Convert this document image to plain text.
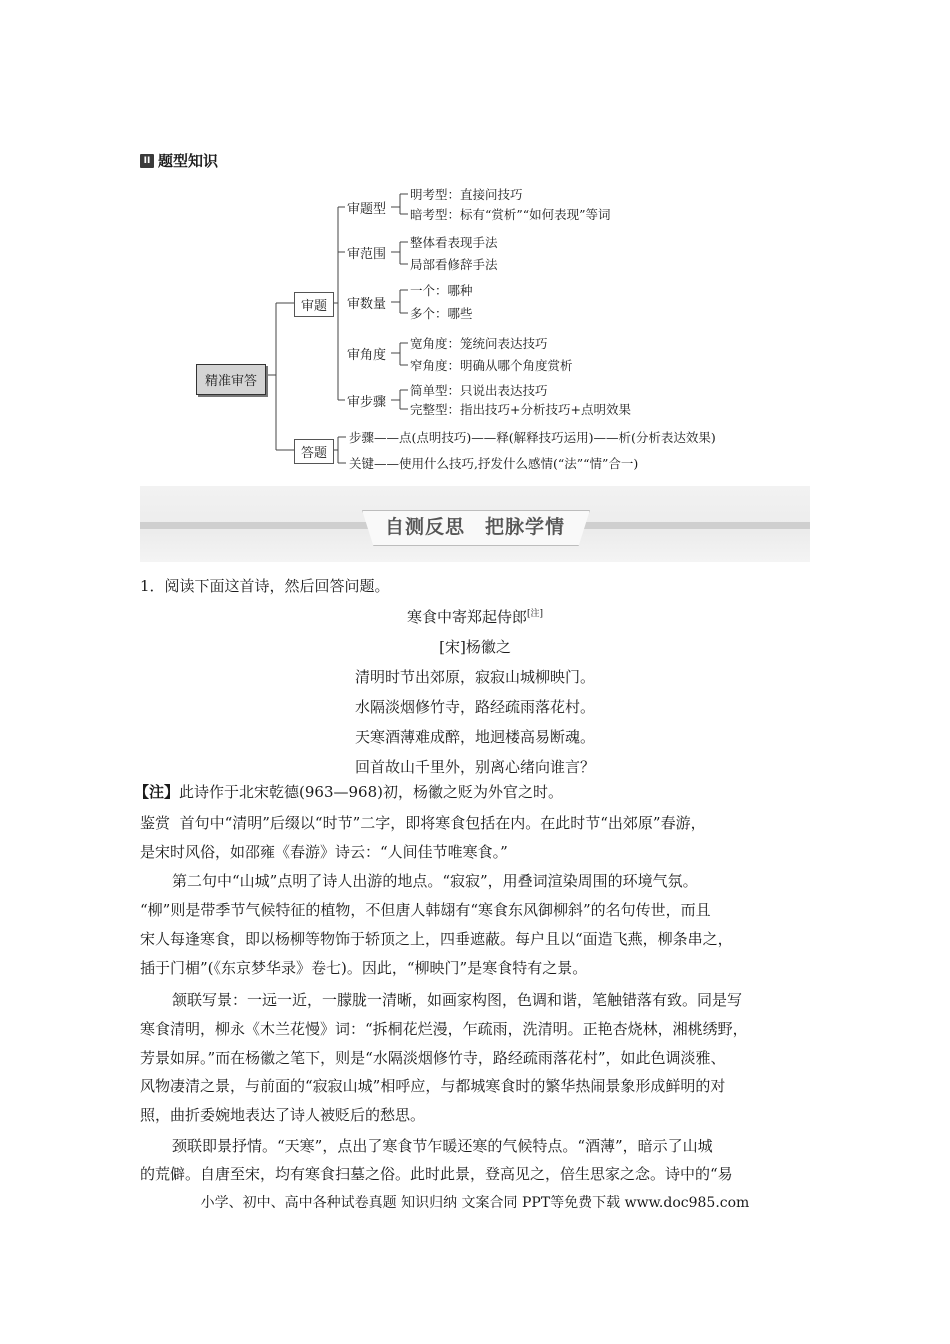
II 题型知识
精准审答
审题
答题
审题型
明考型：直接问技巧
暗考型：标有“赏析”“如何表现”等词
审范围
整体看表现手法
局部看修辞手法
审数量
一个：哪种
多个：哪些
审角度
宽角度：笼统问表达技巧
窄角度：明确从哪个角度赏析
审步骤
简单型：只说出表达技巧
完整型：指出技巧+分析技巧+点明效果
步骤——点(点明技巧)——释(解释技巧运用)——析(分析表达效果)
关键——使用什么技巧,抒发什么感情(“法”“情”合一)
自测反思　把脉学情
1．阅读下面这首诗，然后回答问题。
寒食中寄郑起侍郎[注]
[宋]杨徽之
清明时节出郊原，寂寂山城柳映门。
水隔淡烟修竹寺，路经疏雨落花村。
天寒酒薄难成醉，地迥楼高易断魂。
回首故山千里外，别离心绪向谁言？
【注】此诗作于北宋乾德(963—968)初，杨徽之贬为外官之时。
鉴赏 首句中“清明”后缀以“时节”二字，即将寒食包括在内。在此时节“出郊原”春游，
是宋时风俗，如邵雍《春游》诗云：“人间佳节唯寒食。”
第二句中“山城”点明了诗人出游的地点。“寂寂”，用叠词渲染周围的环境气氛。
“柳”则是带季节气候特征的植物，不但唐人韩翃有“寒食东风御柳斜”的名句传世，而且
宋人每逢寒食，即以杨柳等物饰于轿顶之上，四垂遮蔽。每户且以“面造飞燕，柳条串之，
插于门楣”(《东京梦华录》卷七)。因此，“柳映门”是寒食特有之景。
颔联写景：一远一近，一朦胧一清晰，如画家构图，色调和谐，笔触错落有致。同是写
寒食清明，柳永《木兰花慢》词：“拆桐花烂漫，乍疏雨，洗清明。正艳杏烧林，湘桃绣野，
芳景如屏。”而在杨徽之笔下，则是“水隔淡烟修竹寺，路经疏雨落花村”，如此色调淡雅、
风物凄清之景，与前面的“寂寂山城”相呼应，与都城寒食时的繁华热闹景象形成鲜明的对
照，曲折委婉地表达了诗人被贬后的愁思。
颈联即景抒情。“天寒”，点出了寒食节乍暖还寒的气候特点。“酒薄”，暗示了山城
的荒僻。自唐至宋，均有寒食扫墓之俗。此时此景，登高见之，倍生思家之念。诗中的“易
小学、初中、高中各种试卷真题 知识归纳 文案合同 PPT等免费下载 www.doc985.com
